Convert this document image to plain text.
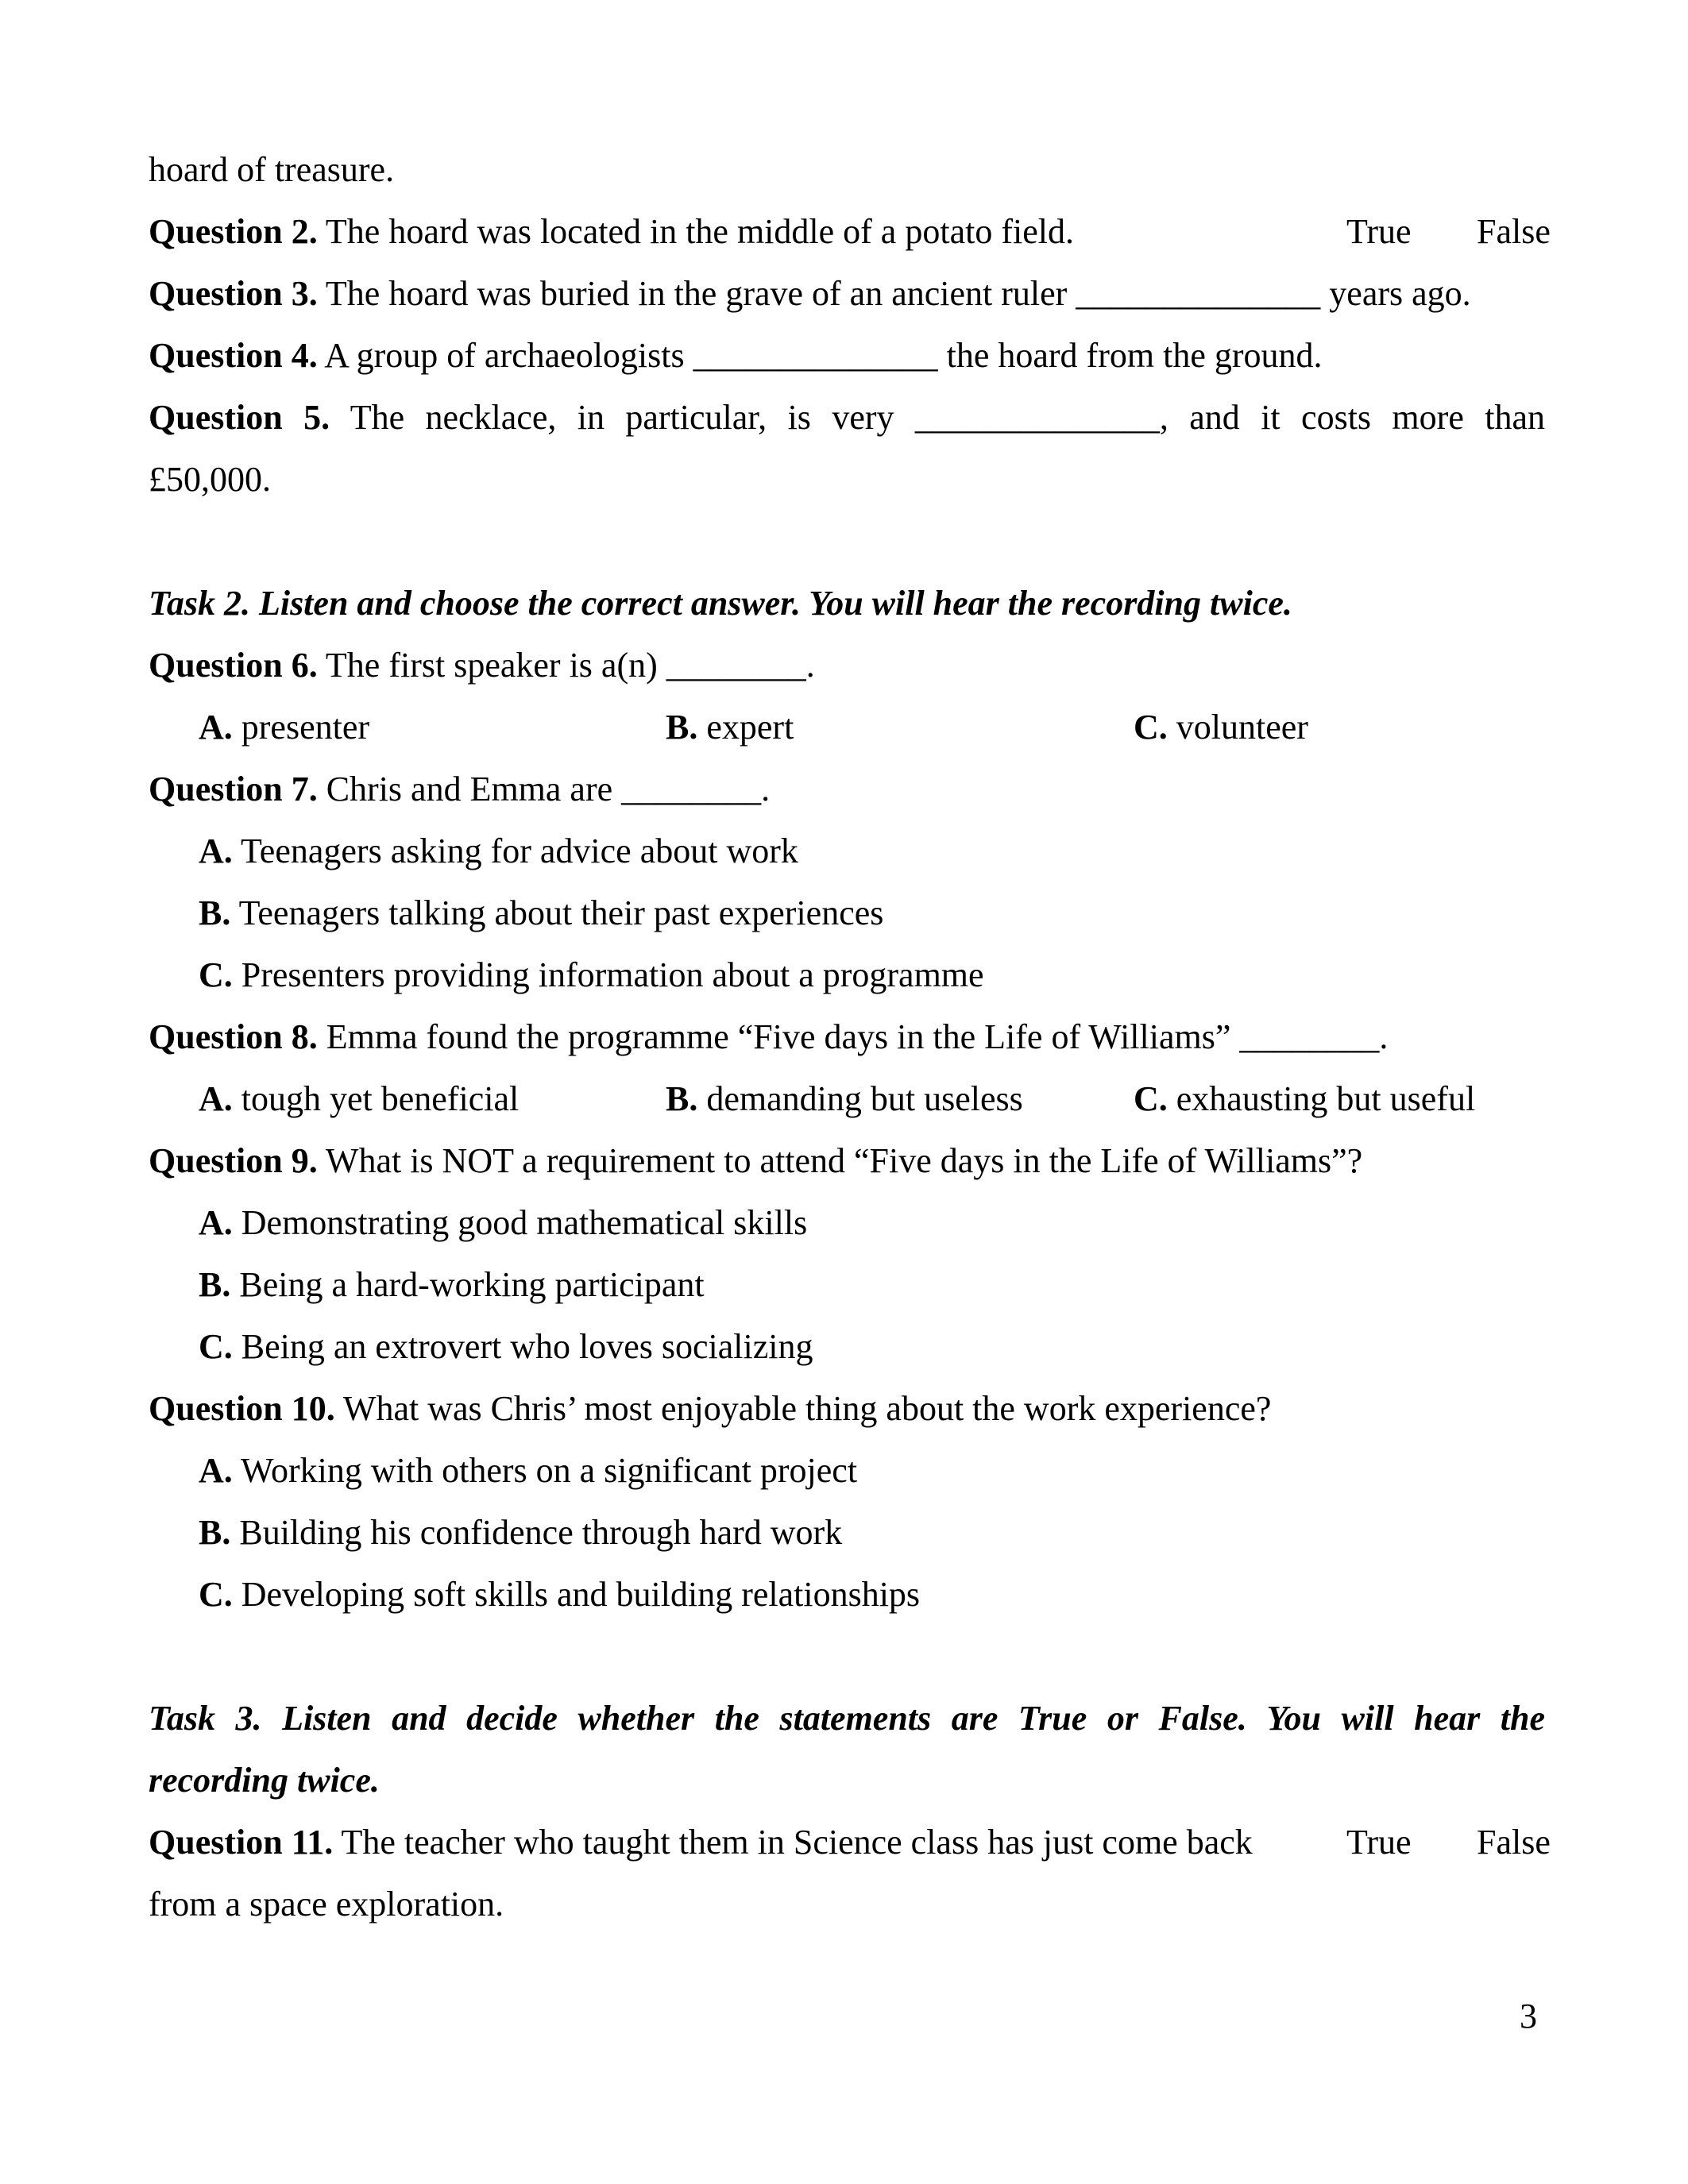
hoard of treasure.
Question 2. The hoard was located in the middle of a potato field.	True False
Question 3. The hoard was buried in the grave of an ancient ruler ______________ years ago.
Question 4. A group of archaeologists ______________ the hoard from the ground.
Question 5. The necklace, in particular, is very ______________, and it costs more than
£50,000.
Task 2. Listen and choose the correct answer. You will hear the recording twice.
Question 6. The first speaker is a(n) ________.
A. presenter	B. expert	C. volunteer
Question 7. Chris and Emma are ________.
A. Teenagers asking for advice about work
B. Teenagers talking about their past experiences
C. Presenters providing information about a programme
Question 8. Emma found the programme “Five days in the Life of Williams” ________.
A. tough yet beneficial	B. demanding but useless	C. exhausting but useful
Question 9. What is NOT a requirement to attend “Five days in the Life of Williams”?
A. Demonstrating good mathematical skills
B. Being a hard-working participant
C. Being an extrovert who loves socializing
Question 10. What was Chris’ most enjoyable thing about the work experience?
A. Working with others on a significant project
B. Building his confidence through hard work
C. Developing soft skills and building relationships
Task 3. Listen and decide whether the statements are True or False. You will hear the
recording twice.
Question 11. The teacher who taught them in Science class has just come back	True False
from a space exploration.
3
